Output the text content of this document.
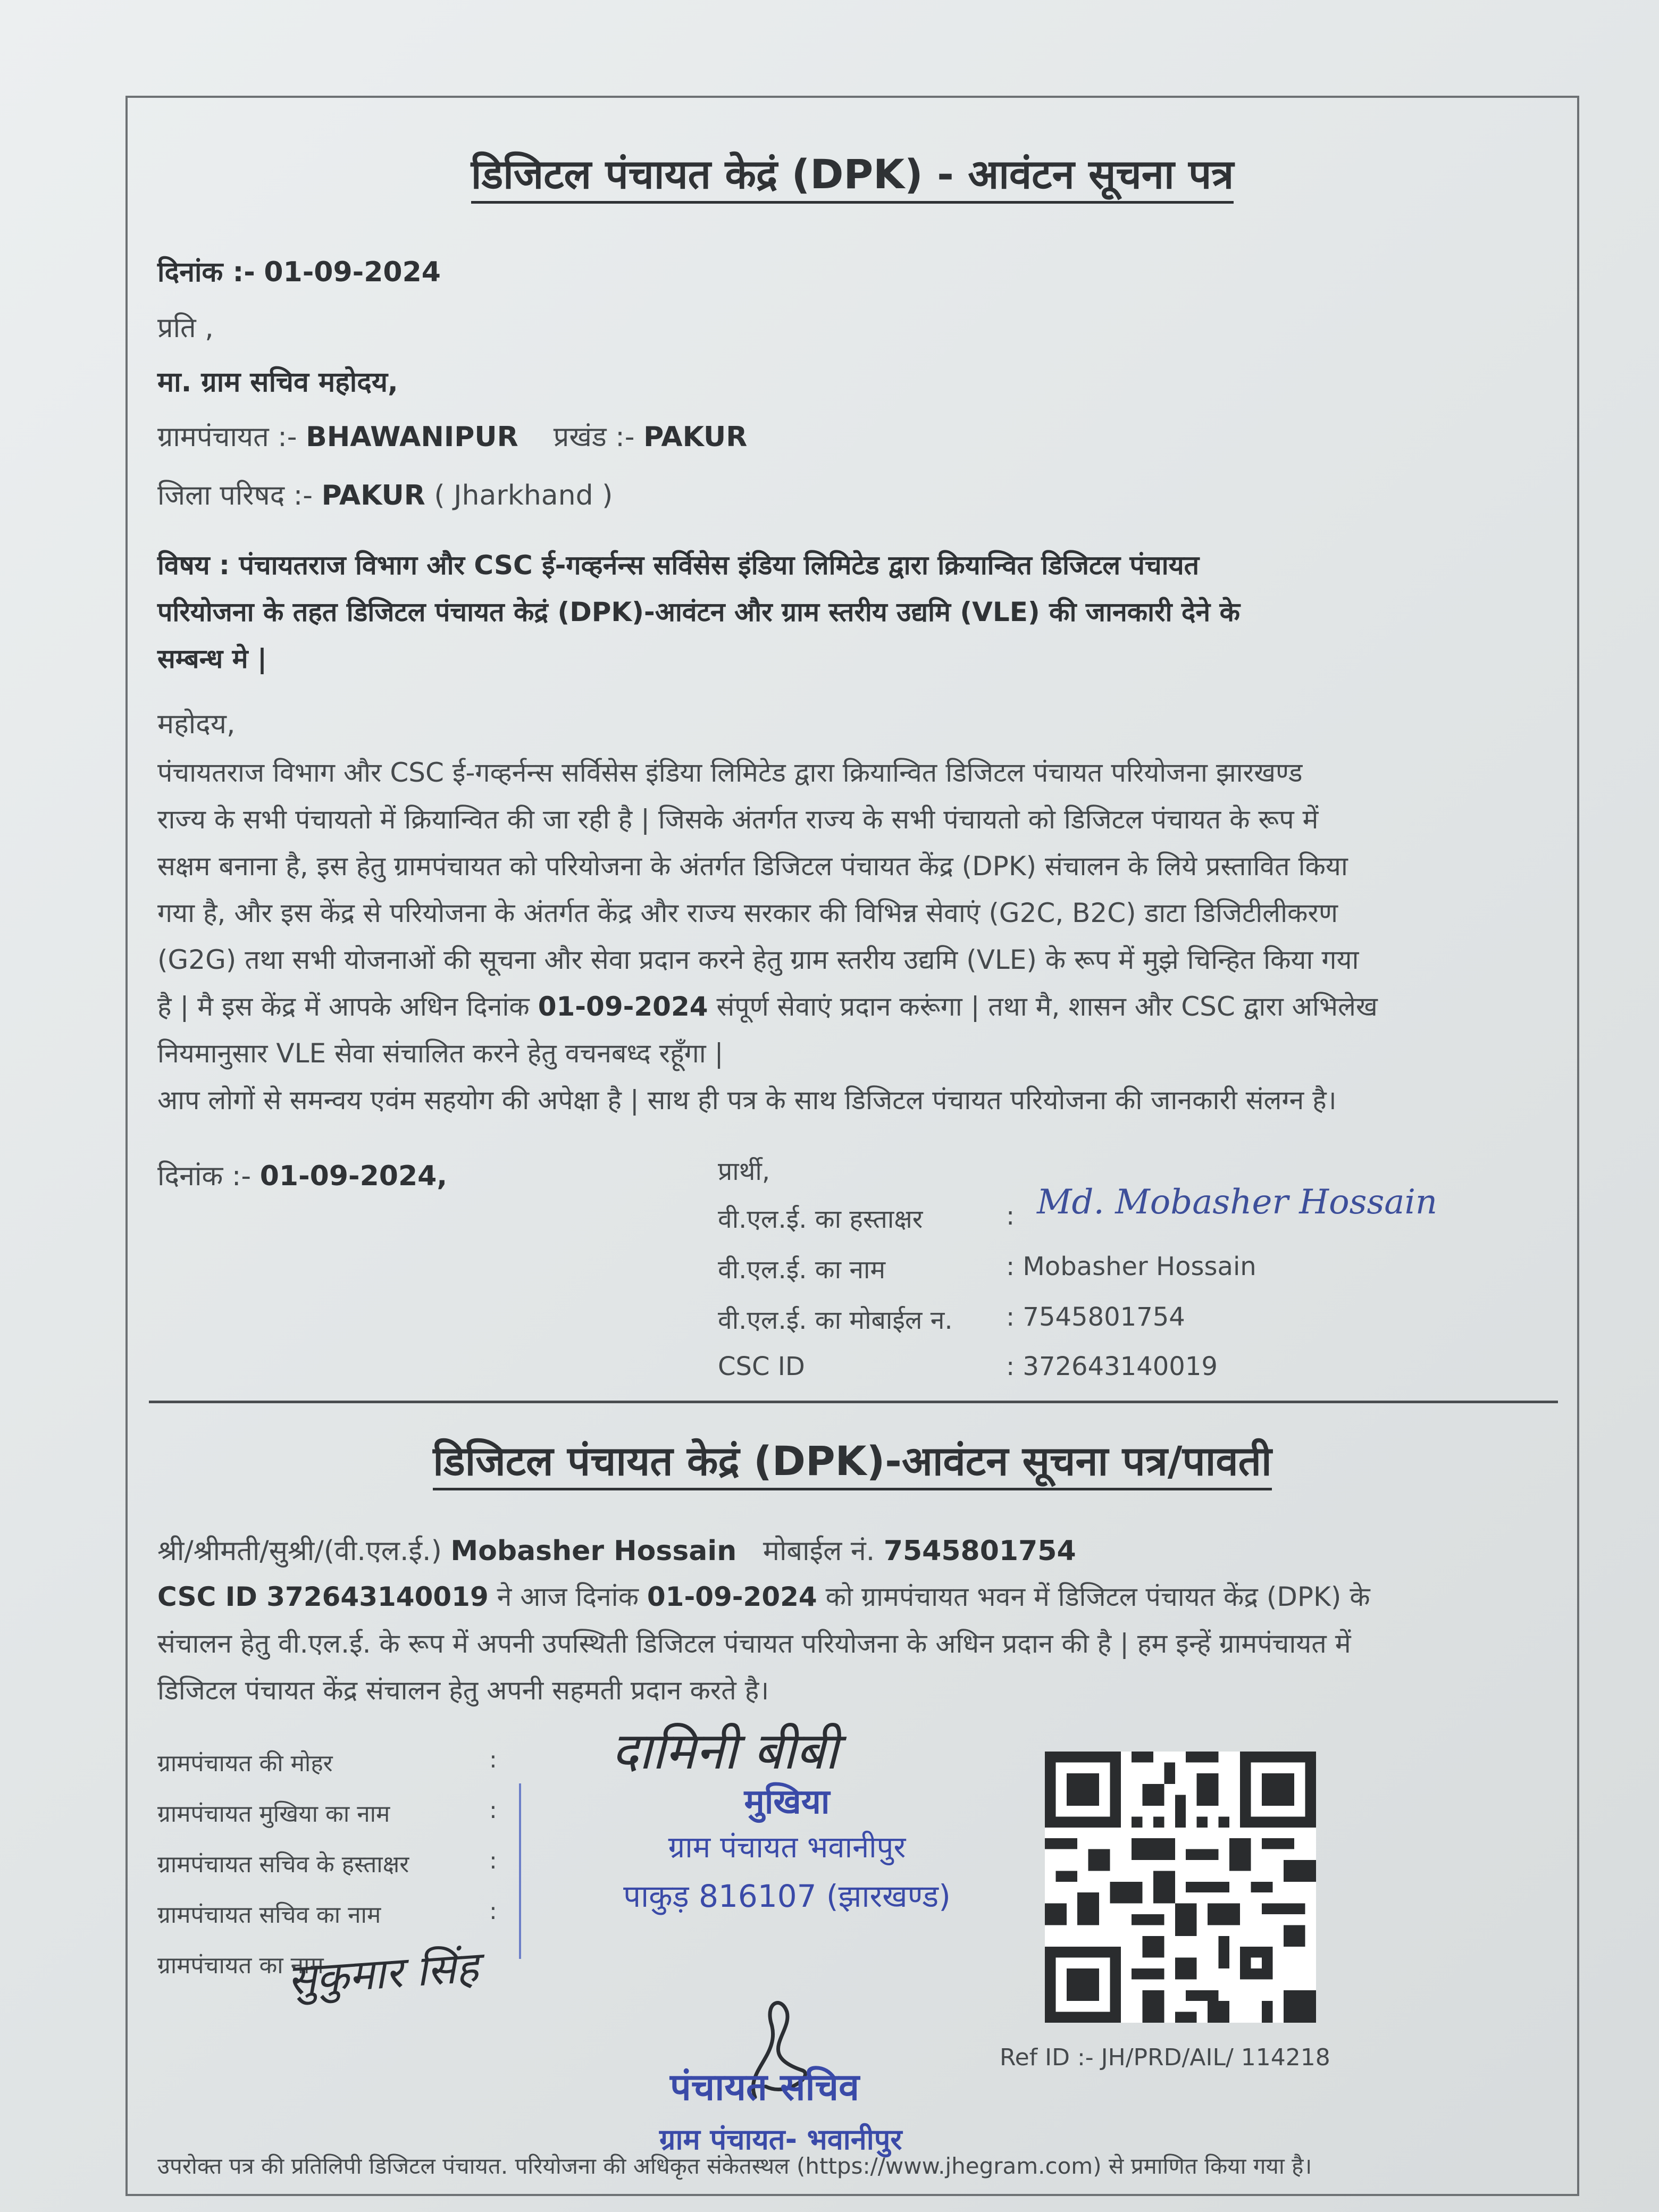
डिजिटल पंचायत केद्रं (DPK) - आवंटन सूचना पत्र
दिनांक :- 01-09-2024
प्रति ,
मा. ग्राम सचिव महोदय,
ग्रामपंचायत :- BHAWANIPUR प्रखंड :- PAKUR
जिला परिषद :- PAKUR ( Jharkhand )
विषय : पंचायतराज विभाग और CSC ई-गव्हर्नन्स सर्विसेस इंडिया लिमिटेड द्वारा क्रियान्वित डिजिटल पंचायत
परियोजना के तहत डिजिटल पंचायत केद्रं (DPK)-आवंटन और ग्राम स्तरीय उद्यमि (VLE) की जानकारी देने के
सम्बन्ध मे |
महोदय,
पंचायतराज विभाग और CSC ई-गव्हर्नन्स सर्विसेस इंडिया लिमिटेड द्वारा क्रियान्वित डिजिटल पंचायत परियोजना झारखण्ड
राज्य के सभी पंचायतो में क्रियान्वित की जा रही है | जिसके अंतर्गत राज्य के सभी पंचायतो को डिजिटल पंचायत के रूप में
सक्षम बनाना है, इस हेतु ग्रामपंचायत को परियोजना के अंतर्गत डिजिटल पंचायत केंद्र (DPK) संचालन के लिये प्रस्तावित किया
गया है, और इस केंद्र से परियोजना के अंतर्गत केंद्र और राज्य सरकार की विभिन्न सेवाएं (G2C, B2C) डाटा डिजिटीलीकरण
(G2G) तथा सभी योजनाओं की सूचना और सेवा प्रदान करने हेतु ग्राम स्तरीय उद्यमि (VLE) के रूप में मुझे चिन्हित किया गया
है | मै इस केंद्र में आपके अधिन दिनांक 01-09-2024 संपूर्ण सेवाएं प्रदान करूंगा | तथा मै, शासन और CSC द्वारा अभिलेख
नियमानुसार VLE सेवा संचालित करने हेतु वचनबध्द रहूँगा |
आप लोगों से समन्वय एवंम सहयोग की अपेक्षा है | साथ ही पत्र के साथ डिजिटल पंचायत परियोजना की जानकारी संलग्न है।
दिनांक :- 01-09-2024,	प्रार्थी,
वी.एल.ई. का हस्ताक्षर	: Md. Mobasher Hossain
वी.एल.ई. का नाम	: Mobasher Hossain
वी.एल.ई. का मोबाईल न. : 7545801754
CSC ID	: 372643140019
डिजिटल पंचायत केद्रं (DPK)-आवंटन सूचना पत्र/पावती
श्री/श्रीमती/सुश्री/(वी.एल.ई.) Mobasher Hossain मोबाईल नं. 7545801754
CSC ID 372643140019 ने आज दिनांक 01-09-2024 को ग्रामपंचायत भवन में डिजिटल पंचायत केंद्र (DPK) के
संचालन हेतु वी.एल.ई. के रूप में अपनी उपस्थिती डिजिटल पंचायत परियोजना के अधिन प्रदान की है | हम इन्हें ग्रामपंचायत में
डिजिटल पंचायत केंद्र संचालन हेतु अपनी सहमती प्रदान करते है।
ग्रामपंचायत की मोहर	:
ग्रामपंचायत मुखिया का नाम	:
ग्रामपंचायत सचिव के हस्ताक्षर	:
ग्रामपंचायत सचिव का नाम	:
ग्रामपंचायत का नाम
दामिनी बीबी
मुखिया
ग्राम पंचायत भवानीपुर
पाकुड़ 816107 (झारखण्ड)
सुकुमार सिंह
पंचायत सचिव
ग्राम पंचायत- भवानीपुर
Ref ID :- JH/PRD/AIL/ 114218
उपरोक्त पत्र की प्रतिलिपी डिजिटल पंचायत. परियोजना की अधिकृत संकेतस्थल (https://www.jhegram.com) से प्रमाणित किया गया है।
